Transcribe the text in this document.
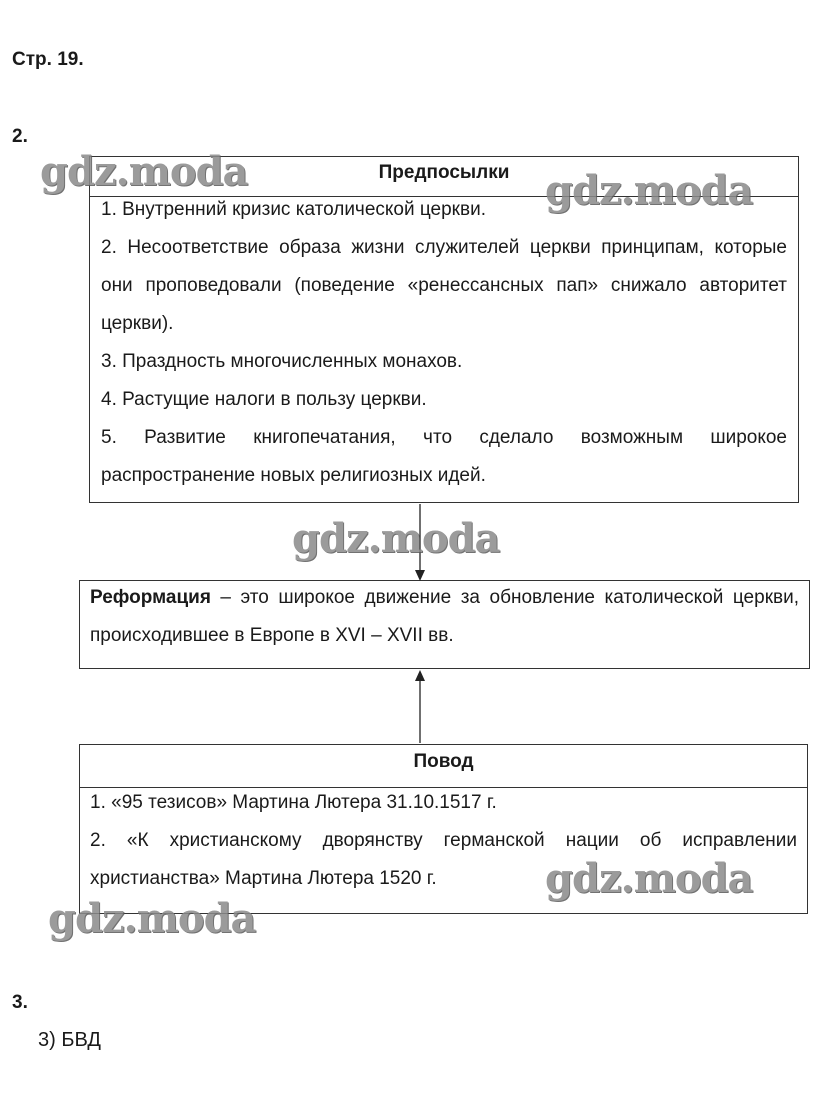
Стр. 19.
2.
Предпосылки
1. Внутренний кризис католической церкви.
2. Несоответствие образа жизни служителей церкви принципам, которые они проповедовали (поведение «ренессансных пап» снижало авторитет церкви).
3. Праздность многочисленных монахов.
4. Растущие налоги в пользу церкви.
5. Развитие книгопечатания, что сделало возможным широкое распространение новых религиозных идей.
Реформация – это широкое движение за обновление католической церкви, происходившее в Европе в XVI – XVII вв.
Повод
1. «95 тезисов» Мартина Лютера 31.10.1517 г.
2. «К христианскому дворянству германской нации об исправлении христианства» Мартина Лютера 1520 г.
3.
3) БВД
gdz.moda	gdz.moda
gdz.moda
gdz.moda
gdz.moda
